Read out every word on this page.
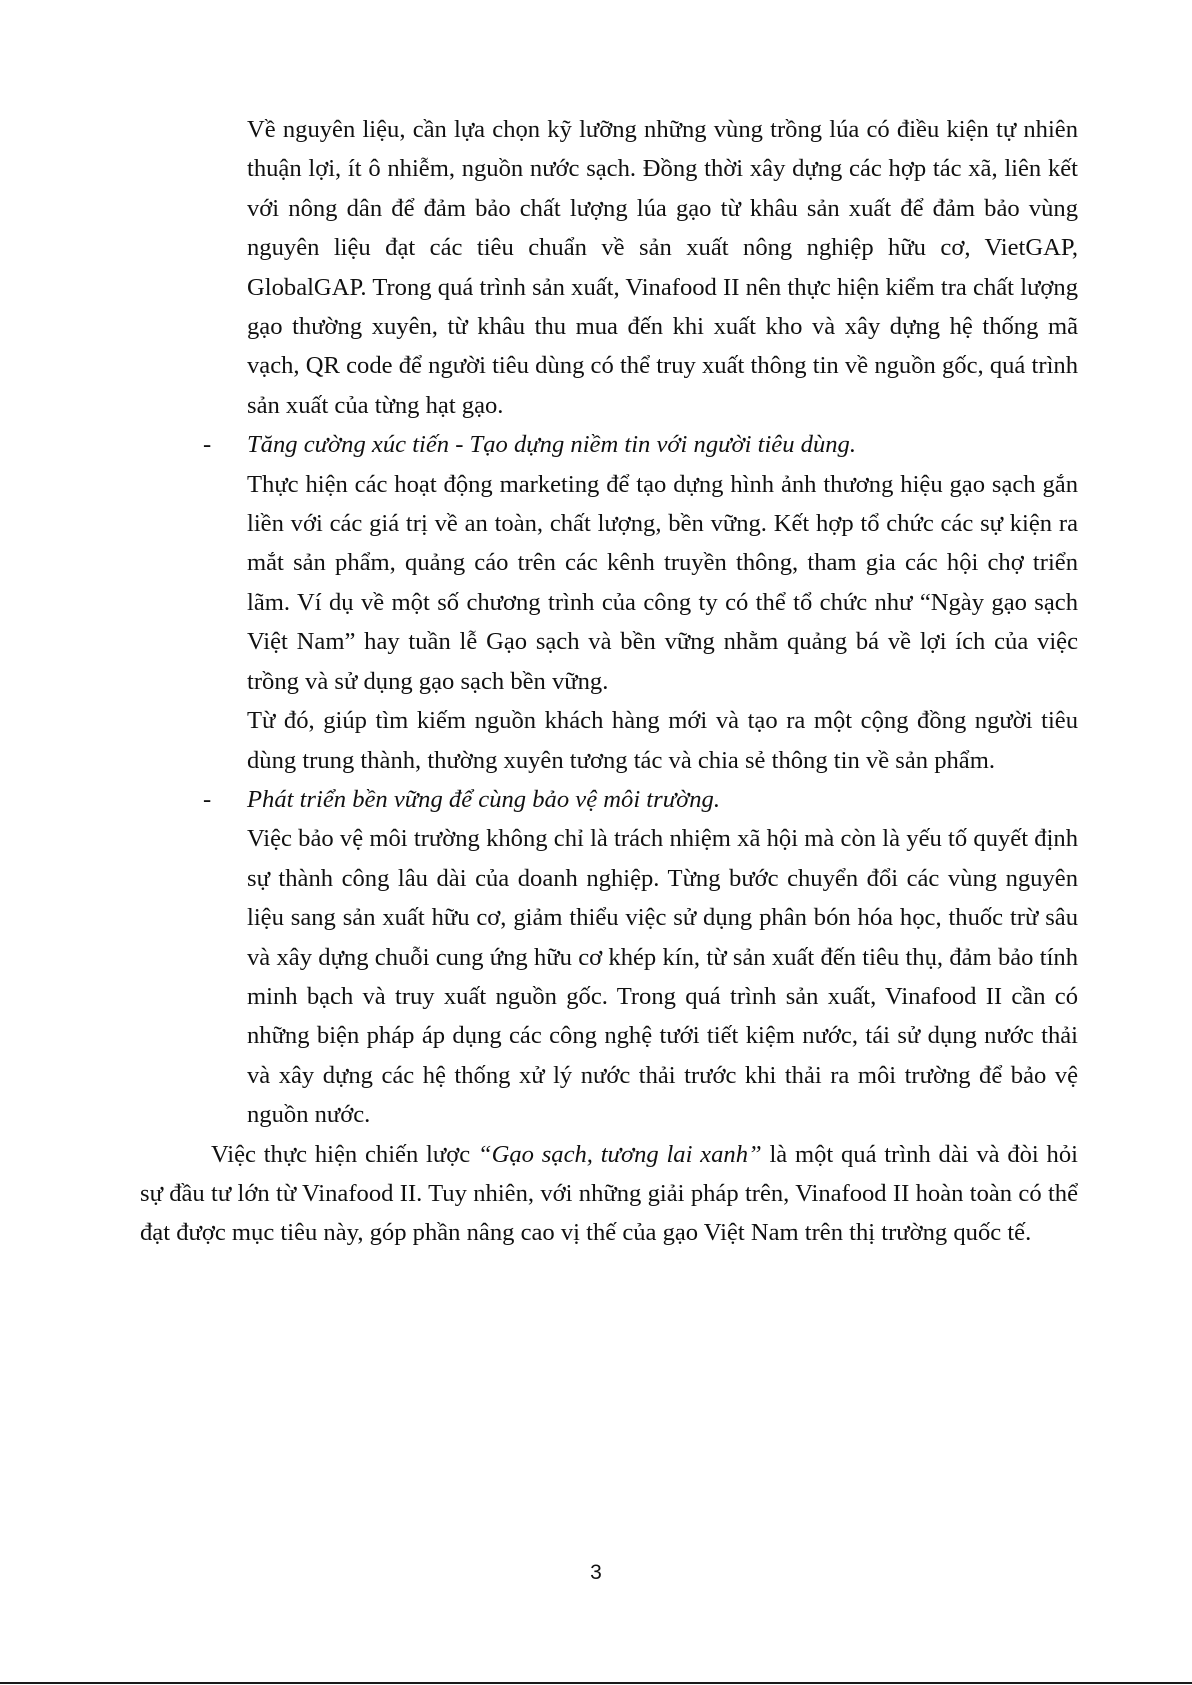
Về nguyên liệu, cần lựa chọn kỹ lưỡng những vùng trồng lúa có điều kiện tự nhiên thuận lợi, ít ô nhiễm, nguồn nước sạch. Đồng thời xây dựng các hợp tác xã, liên kết với nông dân để đảm bảo chất lượng lúa gạo từ khâu sản xuất để đảm bảo vùng nguyên liệu đạt các tiêu chuẩn về sản xuất nông nghiệp hữu cơ, VietGAP, GlobalGAP. Trong quá trình sản xuất, Vinafood II nên thực hiện kiểm tra chất lượng gạo thường xuyên, từ khâu thu mua đến khi xuất kho và xây dựng hệ thống mã vạch, QR code để người tiêu dùng có thể truy xuất thông tin về nguồn gốc, quá trình sản xuất của từng hạt gạo.

- Tăng cường xúc tiến - Tạo dựng niềm tin với người tiêu dùng.

Thực hiện các hoạt động marketing để tạo dựng hình ảnh thương hiệu gạo sạch gắn liền với các giá trị về an toàn, chất lượng, bền vững. Kết hợp tổ chức các sự kiện ra mắt sản phẩm, quảng cáo trên các kênh truyền thông, tham gia các hội chợ triển lãm. Ví dụ về một số chương trình của công ty có thể tổ chức như “Ngày gạo sạch Việt Nam” hay tuần lễ Gạo sạch và bền vững nhằm quảng bá về lợi ích của việc trồng và sử dụng gạo sạch bền vững.

Từ đó, giúp tìm kiếm nguồn khách hàng mới và tạo ra một cộng đồng người tiêu dùng trung thành, thường xuyên tương tác và chia sẻ thông tin về sản phẩm.

- Phát triển bền vững để cùng bảo vệ môi trường.

Việc bảo vệ môi trường không chỉ là trách nhiệm xã hội mà còn là yếu tố quyết định sự thành công lâu dài của doanh nghiệp. Từng bước chuyển đổi các vùng nguyên liệu sang sản xuất hữu cơ, giảm thiểu việc sử dụng phân bón hóa học, thuốc trừ sâu và xây dựng chuỗi cung ứng hữu cơ khép kín, từ sản xuất đến tiêu thụ, đảm bảo tính minh bạch và truy xuất nguồn gốc. Trong quá trình sản xuất, Vinafood II cần có những biện pháp áp dụng các công nghệ tưới tiết kiệm nước, tái sử dụng nước thải và xây dựng các hệ thống xử lý nước thải trước khi thải ra môi trường để bảo vệ nguồn nước.

Việc thực hiện chiến lược “Gạo sạch, tương lai xanh” là một quá trình dài và đòi hỏi sự đầu tư lớn từ Vinafood II. Tuy nhiên, với những giải pháp trên, Vinafood II hoàn toàn có thể đạt được mục tiêu này, góp phần nâng cao vị thế của gạo Việt Nam trên thị trường quốc tế.

3
